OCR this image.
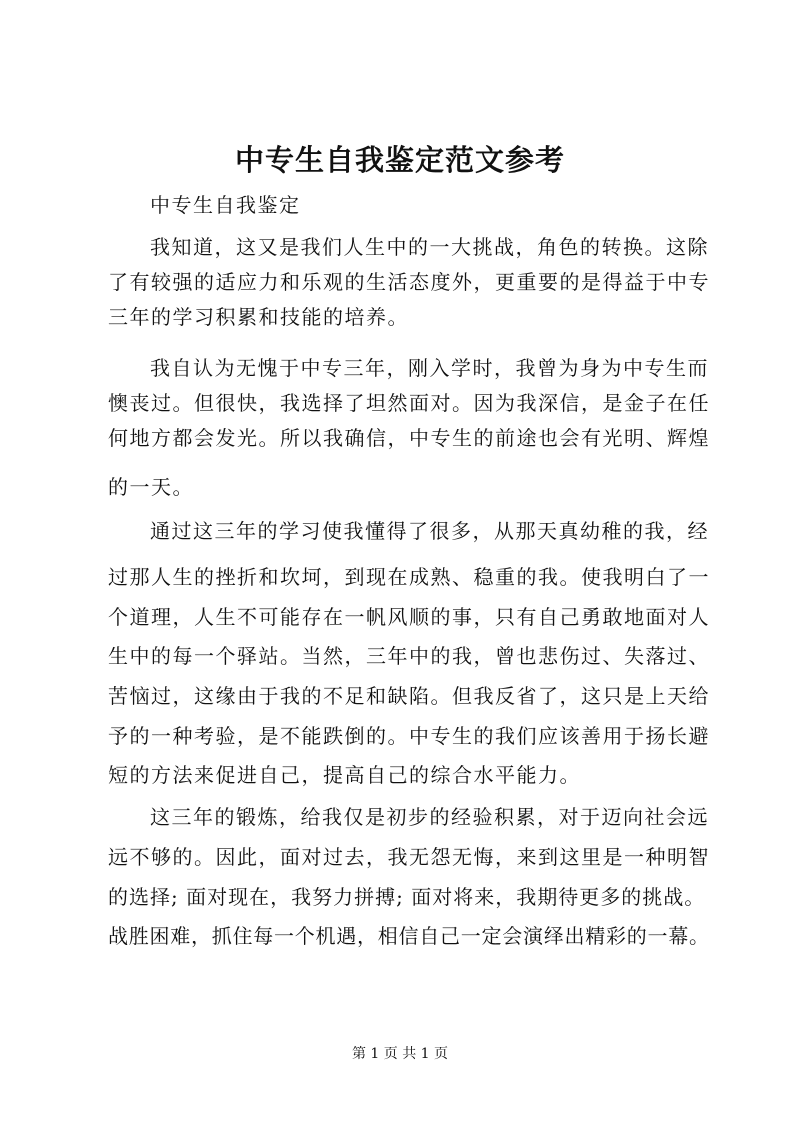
中专生自我鉴定范文参考

中专生自我鉴定

我知道，这又是我们人生中的一大挑战，角色的转换。这除

了有较强的适应力和乐观的生活态度外，更重要的是得益于中专

三年的学习积累和技能的培养。

我自认为无愧于中专三年，刚入学时，我曾为身为中专生而

懊丧过。但很快，我选择了坦然面对。因为我深信，是金子在任

何地方都会发光。所以我确信，中专生的前途也会有光明、辉煌

的一天。

通过这三年的学习使我懂得了很多，从那天真幼稚的我，经

过那人生的挫折和坎坷，到现在成熟、稳重的我。使我明白了一

个道理，人生不可能存在一帆风顺的事，只有自己勇敢地面对人

生中的每一个驿站。当然，三年中的我，曾也悲伤过、失落过、

苦恼过，这缘由于我的不足和缺陷。但我反省了，这只是上天给

予的一种考验，是不能跌倒的。中专生的我们应该善用于扬长避

短的方法来促进自己，提高自己的综合水平能力。

这三年的锻炼，给我仅是初步的经验积累，对于迈向社会远

远不够的。因此，面对过去，我无怨无悔，来到这里是一种明智

的选择; 面对现在，我努力拼搏; 面对将来，我期待更多的挑战。

战胜困难，抓住每一个机遇，相信自己一定会演绎出精彩的一幕。

第 1 页 共 1 页
